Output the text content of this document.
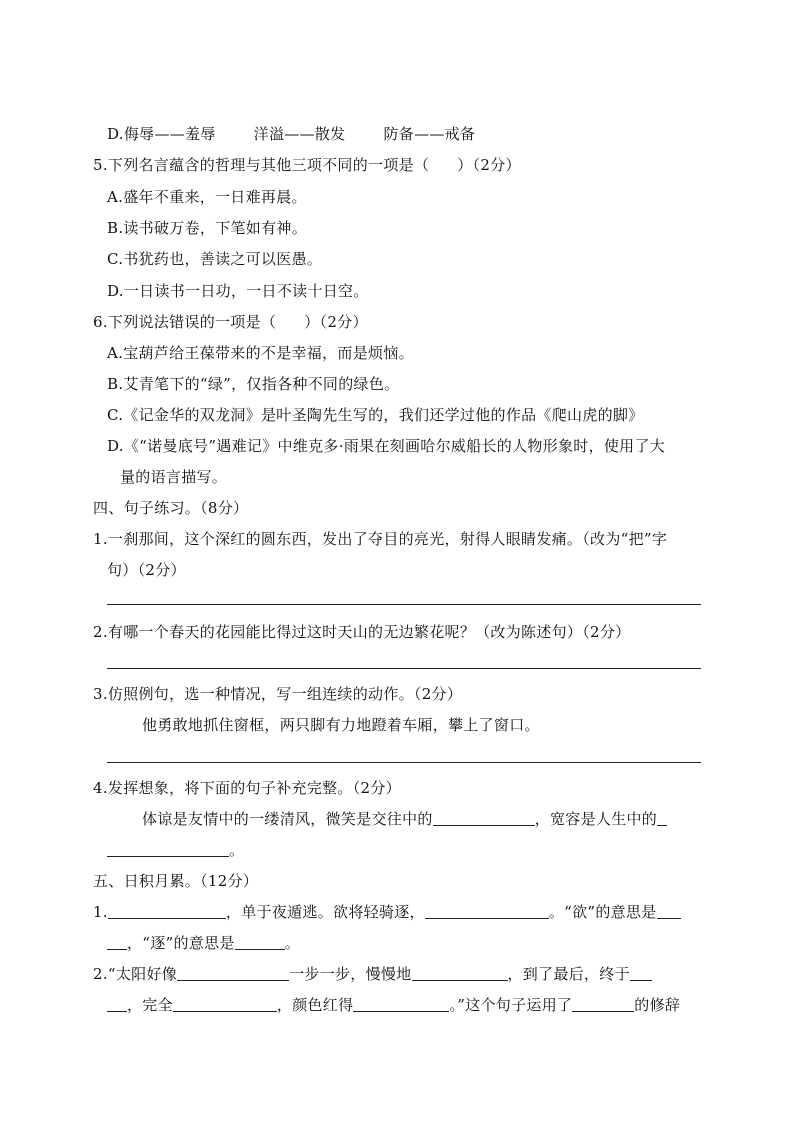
D.侮辱——羞辱	洋溢——散发	防备——戒备
5.下列名言蕴含的哲理与其他三项不同的一项是（ ）（2分）
A.盛年不重来，一日难再晨。
B.读书破万卷，下笔如有神。
C.书犹药也，善读之可以医愚。
D.一日读书一日功，一日不读十日空。
6.下列说法错误的一项是（ ）（2分）
A.宝葫芦给王葆带来的不是幸福，而是烦恼。
B.艾青笔下的“绿”，仅指各种不同的绿色。
C.《记金华的双龙洞》是叶圣陶先生写的，我们还学过他的作品《爬山虎的脚》
D.《“诺曼底号”遇难记》中维克多·雨果在刻画哈尔威船长的人物形象时，使用了大
量的语言描写。
四、句子练习。（8分）
1.一刹那间，这个深红的圆东西，发出了夺目的亮光，射得人眼睛发痛。（改为“把”字
句）（2分）
2.有哪一个春天的花园能比得过这时天山的无边繁花呢？（改为陈述句）（2分）
3.仿照例句，选一种情况，写一组连续的动作。（2分）
他勇敢地抓住窗框，两只脚有力地蹬着车厢，攀上了窗口。
4.发挥想象，将下面的句子补充完整。（2分）
体谅是友情中的一缕清风，微笑是交往中的	，宽容是人生中的
。
五、日积月累。（12分）
1.	，单于夜遁逃。欲将轻骑逐，	。“欲”的意思是
，“逐”的意思是	。
2.“太阳好像	一步一步，慢慢地	，到了最后，终于
，完全	，颜色红得	。”这个句子运用了	的修辞
